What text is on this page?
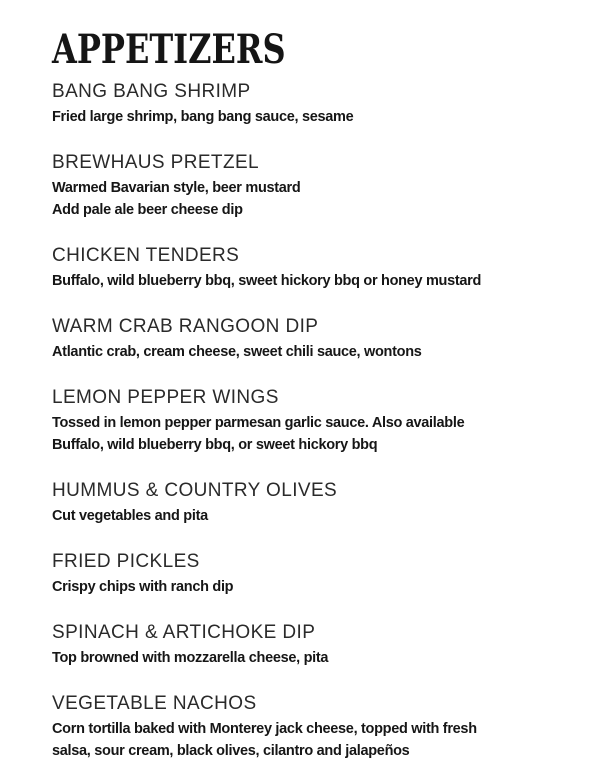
APPETIZERS
BANG BANG SHRIMP
Fried large shrimp, bang bang sauce, sesame
BREWHAUS PRETZEL
Warmed Bavarian style, beer mustard
Add pale ale beer cheese dip
CHICKEN TENDERS
Buffalo, wild blueberry bbq, sweet hickory bbq or honey mustard
WARM CRAB RANGOON DIP
Atlantic crab, cream cheese, sweet chili sauce, wontons
LEMON PEPPER WINGS
Tossed in lemon pepper parmesan garlic sauce. Also available
Buffalo, wild blueberry bbq, or sweet hickory bbq
HUMMUS & COUNTRY OLIVES
Cut vegetables and pita
FRIED PICKLES
Crispy chips with ranch dip
SPINACH & ARTICHOKE DIP
Top browned with mozzarella cheese, pita
VEGETABLE NACHOS
Corn tortilla baked with Monterey jack cheese, topped with fresh
salsa, sour cream, black olives, cilantro and jalapeños
